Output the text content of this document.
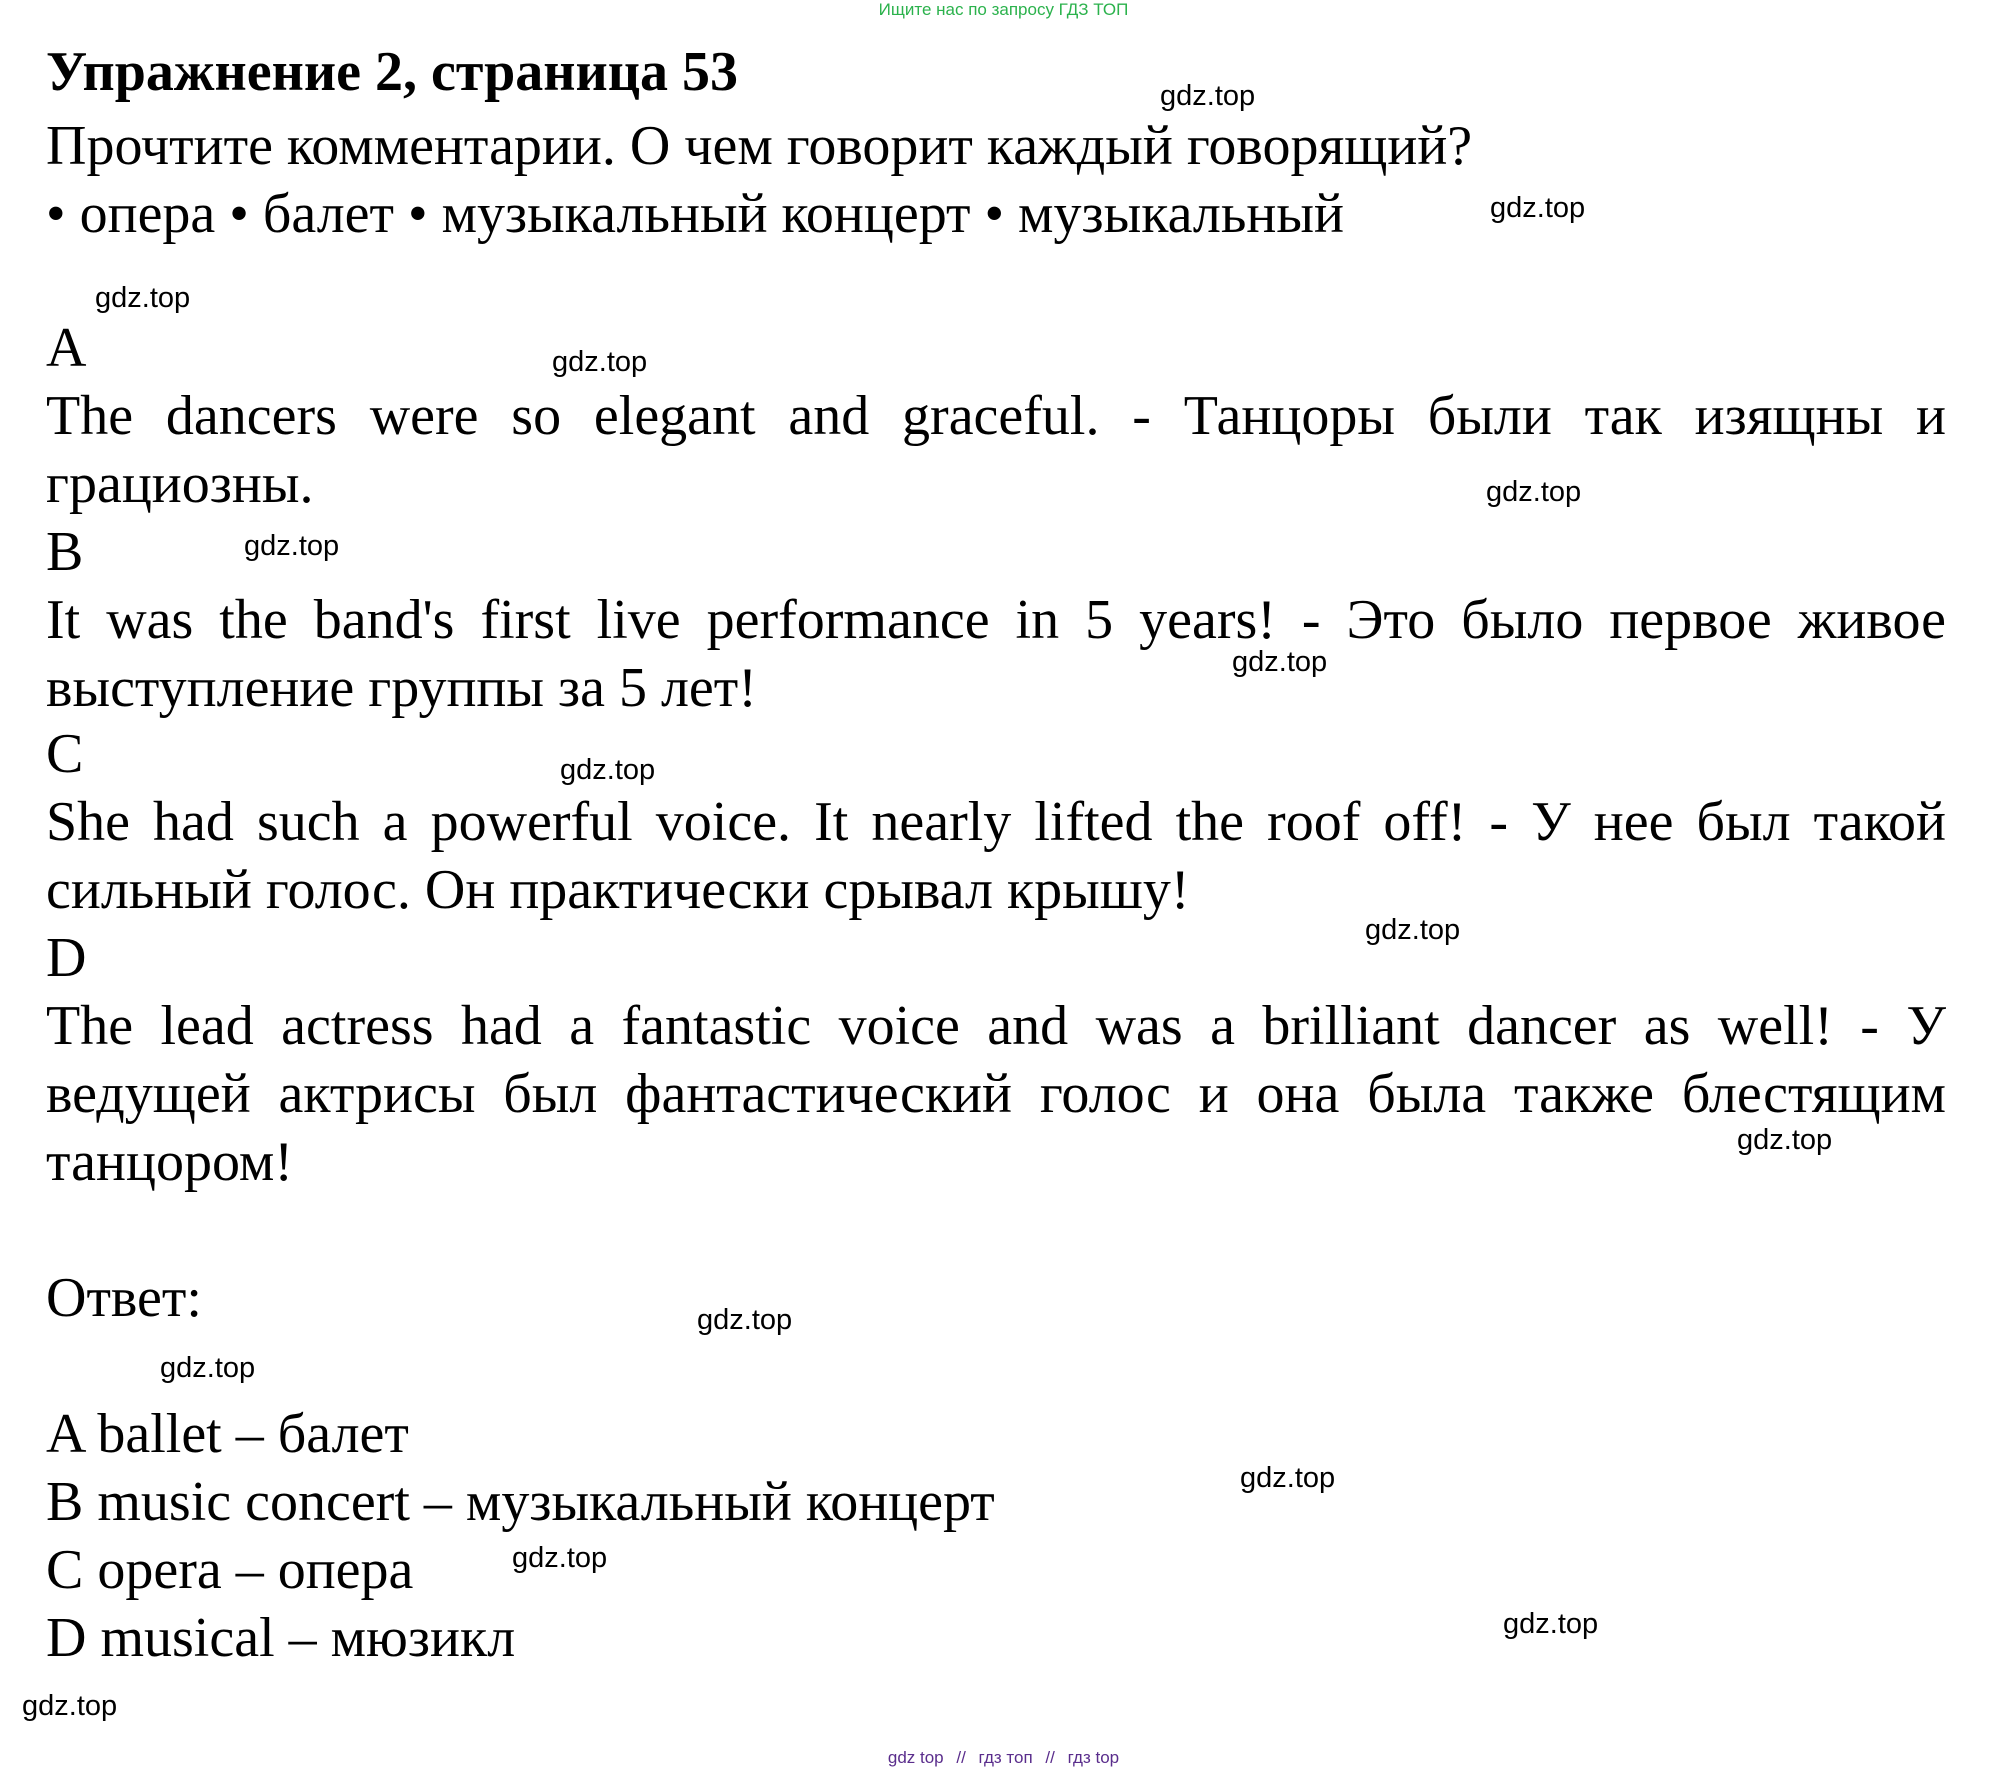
Ищите нас по запросу ГДЗ ТОП
Упражнение 2, страница 53

Прочтите комментарии. О чем говорит каждый говорящий?

• опера • балет • музыкальный концерт • музыкальный

A

The dancers were so elegant and graceful. - Танцоры были так изящны и грациозны.

B

It was the band's first live performance in 5 years! - Это было первое живое выступление группы за 5 лет!

C

She had such a powerful voice. It nearly lifted the roof off! - У нее был такой сильный голос. Он практически срывал крышу!

D

The lead actress had a fantastic voice and was a brilliant dancer as well! - У ведущей актрисы был фантастический голос и она была также блестящим танцором!

Ответ:

A ballet – балет

B music concert – музыкальный концерт

C opera – опера

D musical – мюзикл

gdz.top
gdz.top
gdz.top
gdz.top
gdz.top
gdz.top
gdz.top
gdz.top
gdz.top
gdz.top
gdz.top
gdz.top
gdz.top
gdz.top
gdz.top
gdz.top
gdz top // гдз топ // гдз top
